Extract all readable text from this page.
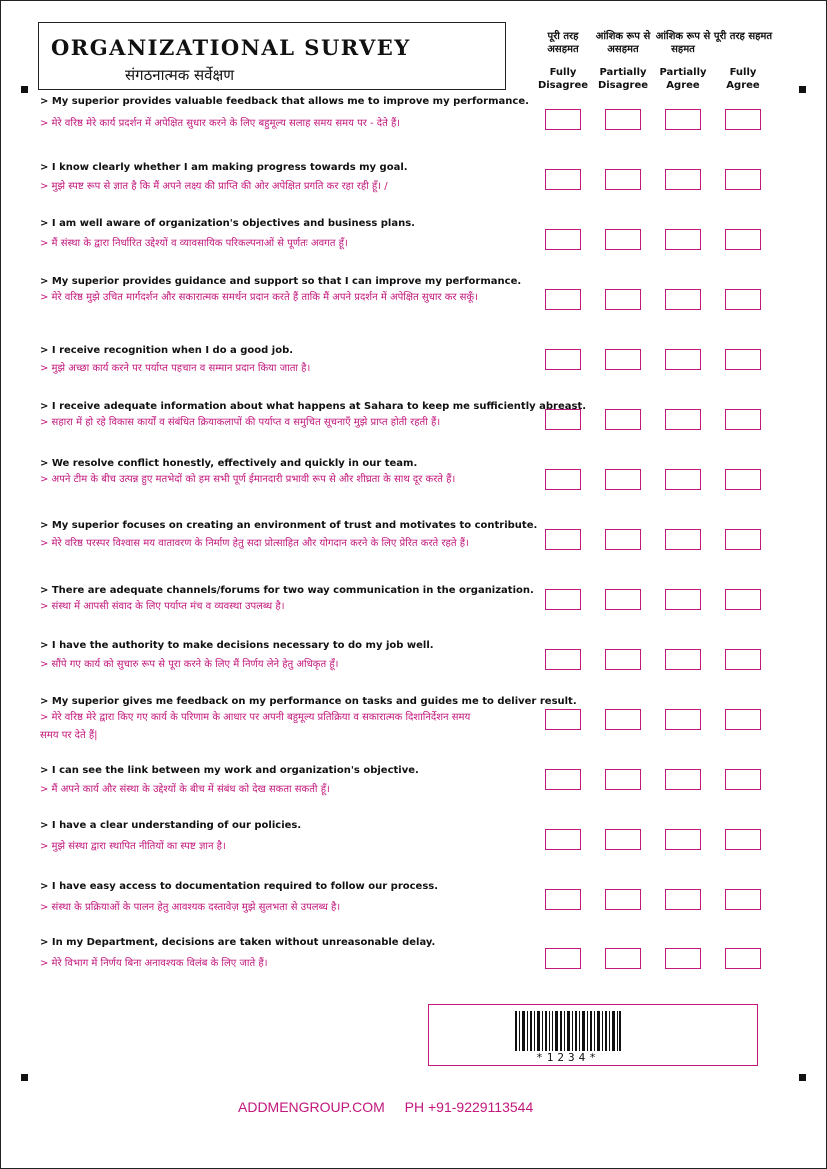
ORGANIZATIONAL SURVEY
संगठनात्मक सर्वेक्षण
पूरी तरह असहमत
Fully Disagree
आंशिक रूप से असहमत
Partially Disagree
आंशिक रूप से सहमत
Partially Agree
पूरी तरह सहमत
Fully Agree
> My superior provides valuable feedback that allows me to improve my performance.
> मेरे वरिष्ठ मेरे कार्य प्रदर्शन में अपेक्षित सुधार करने के लिए बहुमूल्य सलाह समय समय पर - देते हैं।
> I know clearly whether I am making progress towards my goal.
> मुझे स्पष्ट रूप से ज्ञात है कि मैं अपने लक्ष्य की प्राप्ति की ओर अपेक्षित प्रगति कर रहा रही हूँ। /
> I am well aware of organization's objectives and business plans.
> मैं संस्था के द्वारा निर्धारित उद्देश्यों व व्यावसायिक परिकल्पनाओं से पूर्णतः अवगत हूँ।
> My superior provides guidance and support so that I can improve my performance.
> मेरे वरिष्ठ मुझे उचित मार्गदर्शन और सकारात्मक समर्थन प्रदान करते हैं ताकि मैं अपने प्रदर्शन में अपेक्षित सुधार कर सकूँ।
> I receive recognition when I do a good job.
> मुझे अच्छा कार्य करने पर पर्याप्त पहचान व सम्मान प्रदान किया जाता है।
> I receive adequate information about what happens at Sahara to keep me sufficiently abreast.
> सहारा में हो रहे विकास कार्यों व संबंधित क्रियाकलापों की पर्याप्त व समुचित सूचनाएँ मुझे प्राप्त होती रहती हैं।
> We resolve conflict honestly, effectively and quickly in our team.
> अपने टीम के बीच उत्पन्न हुए मतभेदों को हम सभी पूर्ण ईमानदारी प्रभावी रूप से और शीघ्रता के साथ दूर करते हैं।
> My superior focuses on creating an environment of trust and motivates to contribute.
> मेरे वरिष्ठ परस्पर विश्वास मय वातावरण के निर्माण हेतु सदा प्रोत्साहित और योगदान करने के लिए प्रेरित करते रहते हैं।
> There are adequate channels/forums for two way communication in the organization.
> संस्था में आपसी संवाद के लिए पर्याप्त मंच व व्यवस्था उपलब्ध है।
> I have the authority to make decisions necessary to do my job well.
> सौंपे गए कार्य को सुचारु रूप से पूरा करने के लिए मैं निर्णय लेने हेतु अधिकृत हूँ।
> My superior gives me feedback on my performance on tasks and guides me to deliver result.
> मेरे वरिष्ठ मेरे द्वारा किए गए कार्य के परिणाम के आधार पर अपनी बहुमूल्य प्रतिक्रिया व सकारात्मक दिशानिर्देशन समय समय पर देते हैं|
> I can see the link between my work and organization's objective.
> मैं अपने कार्य और संस्था के उद्देश्यों के बीच में संबंध को देख सकता सकती हूँ।
> I have a clear understanding of our policies.
> मुझे संस्था द्वारा स्थापित नीतियों का स्पष्ट ज्ञान है।
> I have easy access to documentation required to follow our process.
> संस्था के प्रक्रियाओं के पालन हेतु आवश्यक दस्तावेज़ मुझे सुलभता से उपलब्ध है।
> In my Department, decisions are taken without unreasonable delay.
> मेरे विभाग में निर्णय बिना अनावश्यक विलंब के लिए जाते हैं।
*1234*
ADDMENGROUP.COM PH +91-9229113544
